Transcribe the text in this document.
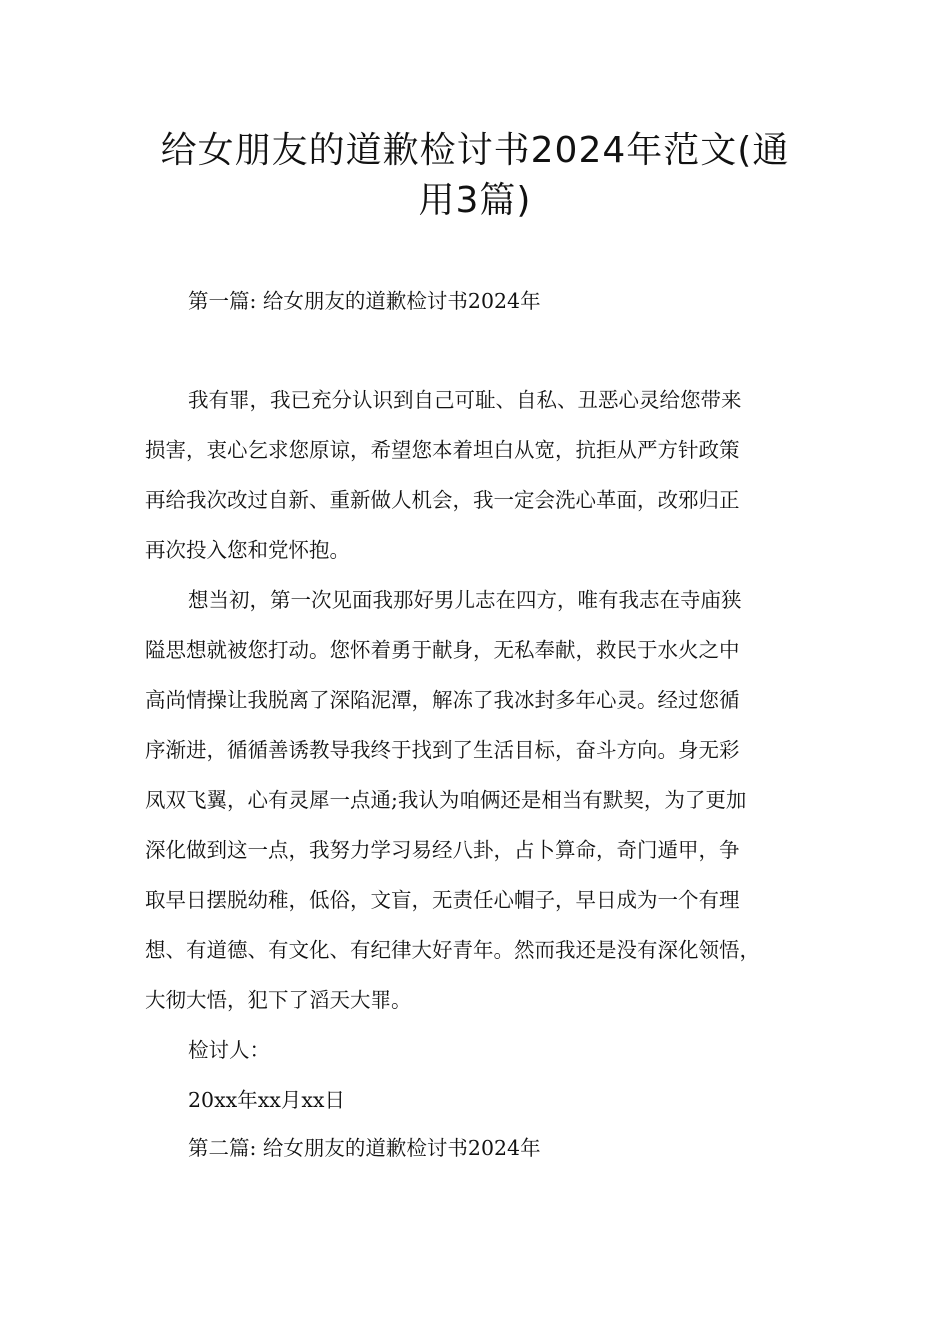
给女朋友的道歉检讨书2024年范文(通
用3篇)

第一篇: 给女朋友的道歉检讨书2024年

我有罪，我已充分认识到自己可耻、自私、丑恶心灵给您带来

损害，衷心乞求您原谅，希望您本着坦白从宽，抗拒从严方针政策

再给我次改过自新、重新做人机会，我一定会洗心革面，改邪归正

再次投入您和党怀抱。

想当初，第一次见面我那好男儿志在四方，唯有我志在寺庙狭

隘思想就被您打动。您怀着勇于献身，无私奉献，救民于水火之中

高尚情操让我脱离了深陷泥潭，解冻了我冰封多年心灵。经过您循

序渐进，循循善诱教导我终于找到了生活目标，奋斗方向。身无彩

凤双飞翼，心有灵犀一点通;我认为咱俩还是相当有默契，为了更加

深化做到这一点，我努力学习易经八卦，占卜算命，奇门遁甲，争

取早日摆脱幼稚，低俗，文盲，无责任心帽子，早日成为一个有理

想、有道德、有文化、有纪律大好青年。然而我还是没有深化领悟，

大彻大悟，犯下了滔天大罪。

检讨人：

20xx年xx月xx日

第二篇: 给女朋友的道歉检讨书2024年
